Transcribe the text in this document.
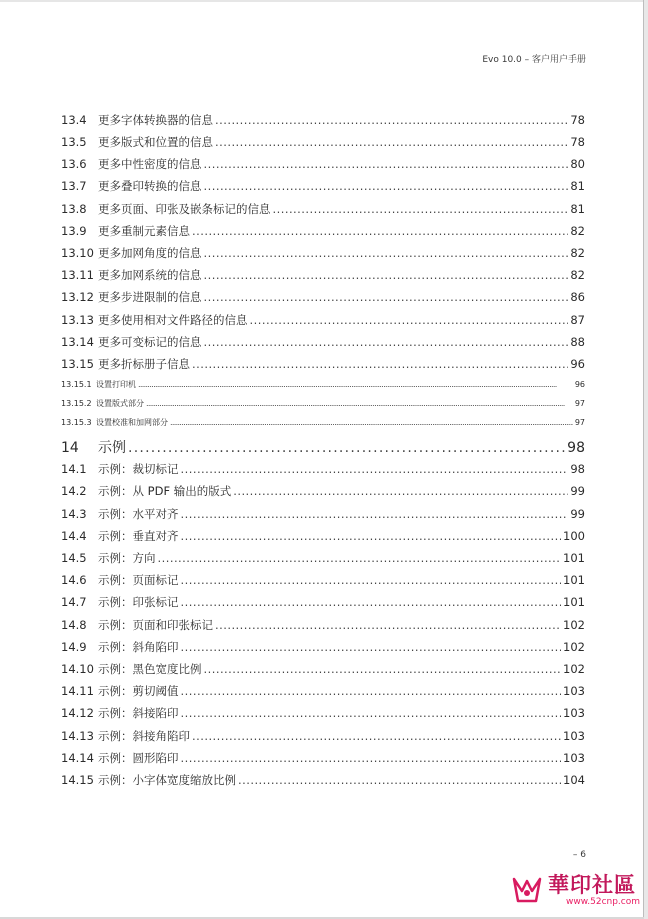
Evo 10.0 – 客户用户手册
13.4 更多字体转换器的信息 . . .	78
13.5 更多版式和位置的信息 . . .	78
13.6 更多中性密度的信息 . . .	80
13.7 更多叠印转换的信息 . . .	81
13.8 更多页面、印张及嵌条标记的信息 . . .	81
13.9 更多重制元素信息 . . .	82
13.10 更多加网角度的信息 . . .	82
13.11 更多加网系统的信息 . . .	82
13.12 更多步进限制的信息 . . .	86
13.13 更多使用相对文件路径的信息 . . .	87
13.14 更多可变标记的信息 . . .	88
13.15 更多折标册子信息 . . .	96
13.15.1 设置打印机 . . .	96
13.15.2 设置版式部分 . . .	97
13.15.3 设置校准和加网部分 . . .	97
14	示例 . . .	98
14.1 示例：裁切标记 . . .	98
14.2 示例：从 PDF 输出的版式 . . .	99
14.3 示例：水平对齐 . . .	99
14.4 示例：垂直对齐 . . .	100
14.5 示例：方向 . . .	101
14.6 示例：页面标记 . . .	101
14.7 示例：印张标记 . . .	101
14.8 示例：页面和印张标记 . . .	102
14.9 示例：斜角陷印 . . .	102
14.10 示例：黑色宽度比例 . . .	102
14.11 示例：剪切阈值 . . .	103
14.12 示例：斜接陷印 . . .	103
14.13 示例：斜接角陷印 . . .	103
14.14 示例：圆形陷印 . . .	103
14.15 示例：小字体宽度缩放比例 . . .	104
– 6
華印社區
www.52cnp.com
